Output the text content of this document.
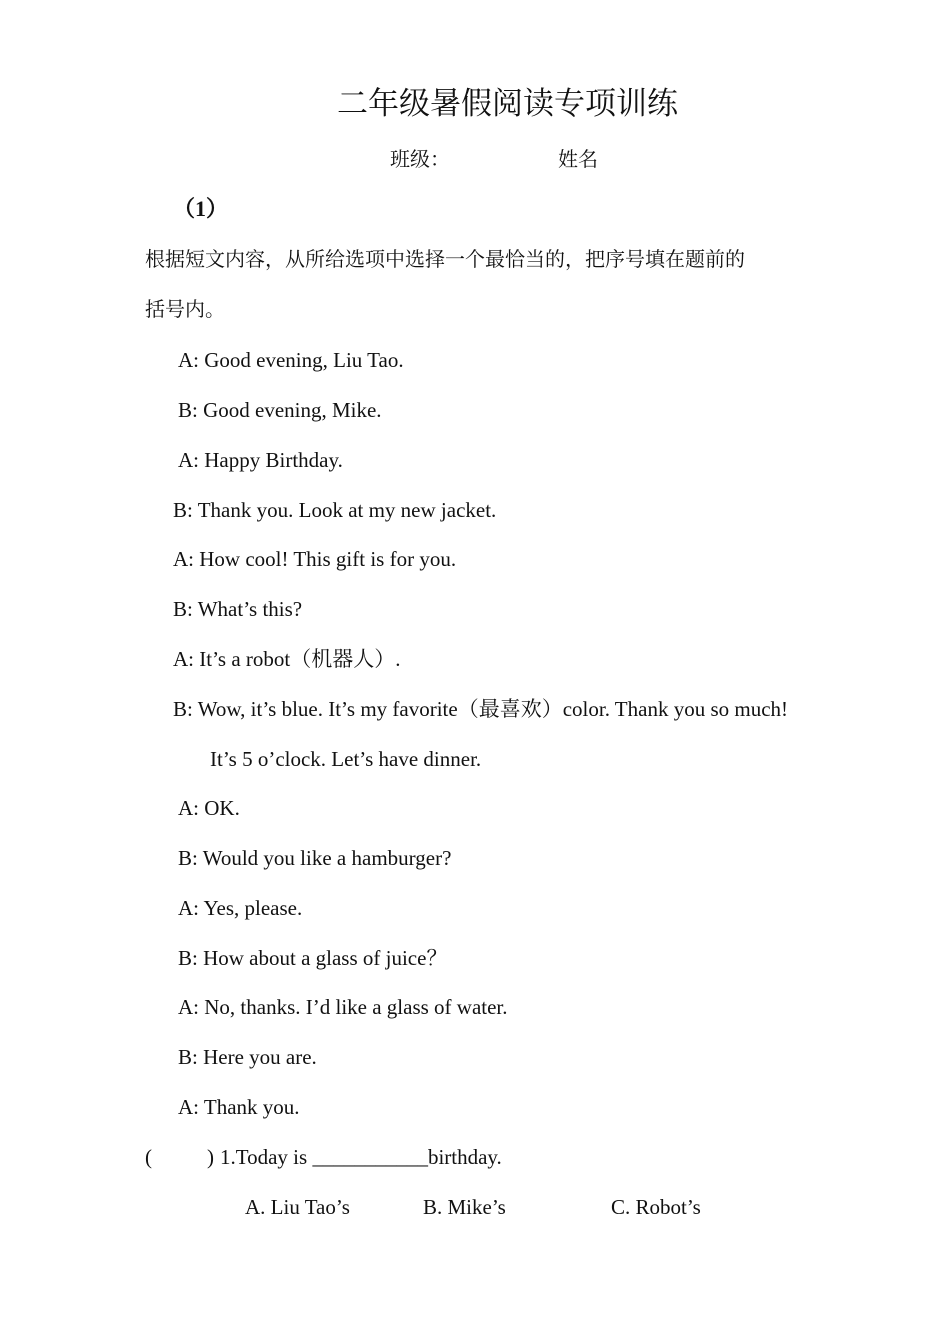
二年级暑假阅读专项训练
班级：	姓名
（1）
根据短文内容，从所给选项中选择一个最恰当的，把序号填在题前的
括号内。
A: Good evening, Liu Tao.
B: Good evening, Mike.
A: Happy Birthday.
B: Thank you. Look at my new jacket.
A: How cool! This gift is for you.
B: What’s this?
A: It’s a robot（机器人）.
B: Wow, it’s blue. It’s my favorite（最喜欢）color. Thank you so much!
It’s 5 o’clock. Let’s have dinner.
A: OK.
B: Would you like a hamburger?
A: Yes, please.
B: How about a glass of juice？
A: No, thanks. I’d like a glass of water.
B: Here you are.
A: Thank you.
(	) 1.Today is ___________birthday.
A. Liu Tao’s	B. Mike’s	C. Robot’s
